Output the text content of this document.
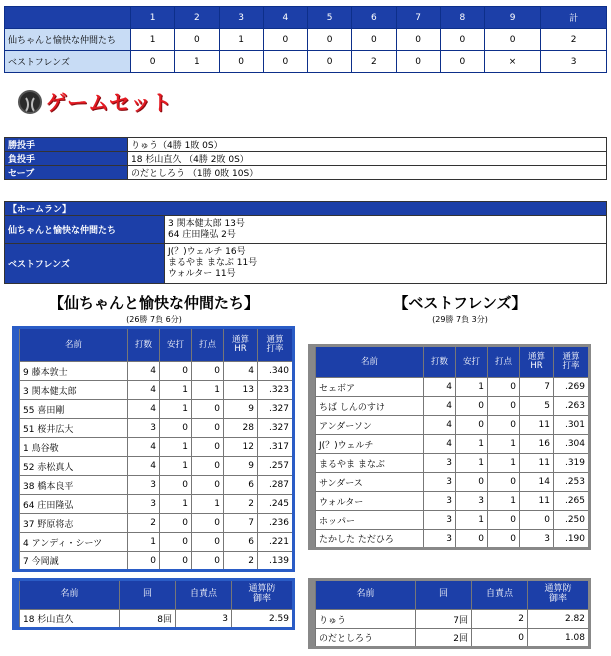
	1	2	3	4	5	6	7	8	9	計
仙ちゃんと愉快な仲間たち	1	0	1	0	0	0	0	0	0	2
ベストフレンズ	0	1	0	0	0	2	0	0	×	3
ゲームセット
勝投手	りゅう（4勝 1敗 0S）
負投手	18 杉山直久 （4勝 2敗 0S）
セーブ	のだとしろう （1勝 0敗 10S）
【ホームラン】	
仙ちゃんと愉快な仲間たち	3 関本健太郎 13号
64 庄田隆弘 2号

ベストフレンズ	J(？)ウェルチ 16号
まるやま まなぶ 11号
ウォルター 11号
【仙ちゃんと愉快な仲間たち】
(26勝 7負 6分)
【ベストフレンズ】
(29勝 7負 3分)
	名前	打数	安打	打点	通算HR	通算打率
	9 藤本敦士	4	0	0	4	.340
	3 関本健太郎	4	1	1	13	.323
	55 喜田剛	4	1	0	9	.327
	51 桜井広大	3	0	0	28	.327
	1 鳥谷敬	4	1	0	12	.317
	52 赤松真人	4	1	0	9	.257
	38 橋本良平	3	0	0	6	.287
	64 庄田隆弘	3	1	1	2	.245
	37 野原将志	2	0	0	7	.236
	4 アンディ・シーツ	1	0	0	6	.221
	7 今岡誠	0	0	0	2	.139
	名前	打数	安打	打点	通算HR	通算打率
	セェボア	4	1	0	7	.269
	ちば しんのすけ	4	0	0	5	.263
	アンダーソン	4	0	0	11	.301
	J(？)ウェルチ	4	1	1	16	.304
	まるやま まなぶ	3	1	1	11	.319
	サンダース	3	0	0	14	.253
	ウォルター	3	3	1	11	.265
	ホッパー	3	1	0	0	.250
	たかした ただひろ	3	0	0	3	.190
	名前	回	自責点	通算防御率
	18 杉山直久	8回	3	2.59
	名前	回	自責点	通算防御率
	りゅう	7回	2	2.82
	のだとしろう	2回	0	1.08
